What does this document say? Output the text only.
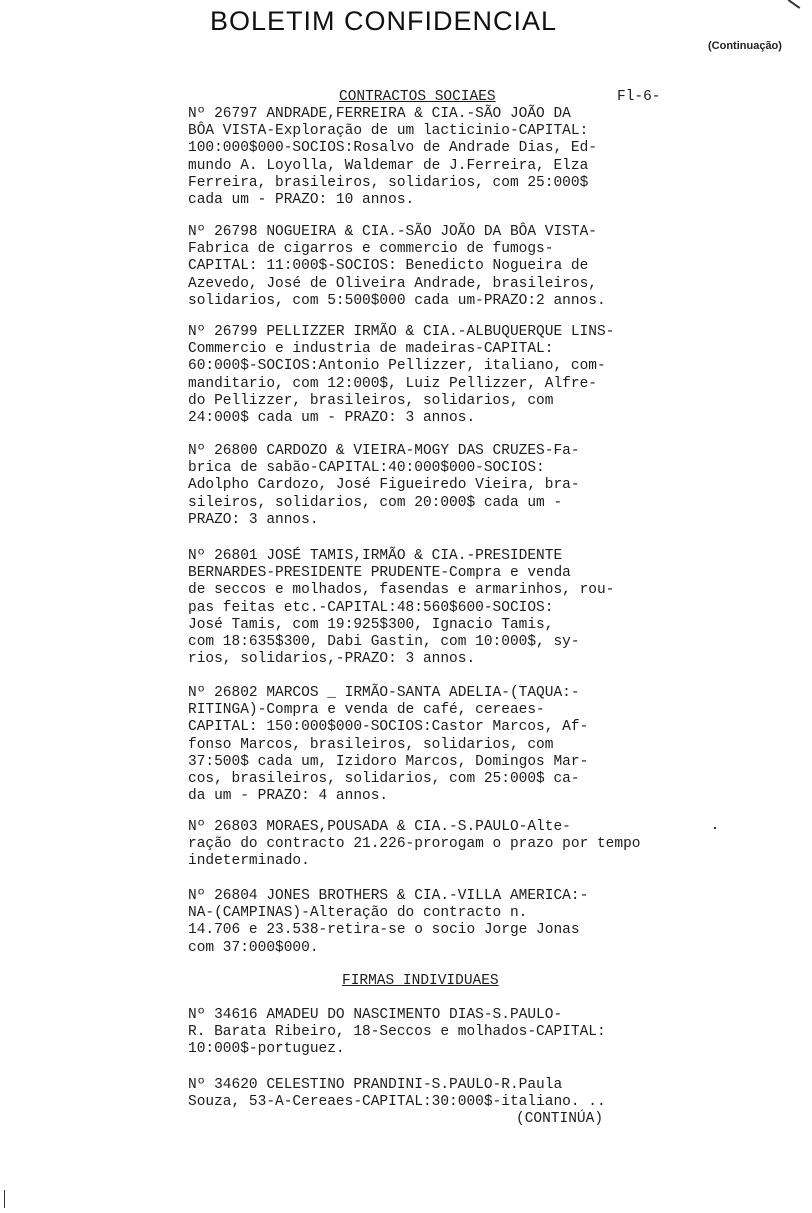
BOLETIM CONFIDENCIAL
(Continuação)
CONTRACTOS SOCIAES	Fl-6-
Nº 26797 ANDRADE,FERREIRA & CIA.-SÃO JOÃO DA
BÔA VISTA-Exploração de um lacticinio-CAPITAL:
100:000$000-SOCIOS:Rosalvo de Andrade Dias, Ed-
mundo A. Loyolla, Waldemar de J.Ferreira, Elza
Ferreira, brasileiros, solidarios, com 25:000$
cada um - PRAZO: 10 annos.
Nº 26798 NOGUEIRA & CIA.-SÃO JOÃO DA BÔA VISTA-
Fabrica de cigarros e commercio de fumogs-
CAPITAL: 11:000$-SOCIOS: Benedicto Nogueira de
Azevedo, José de Oliveira Andrade, brasileiros,
solidarios, com 5:500$000 cada um-PRAZO:2 annos.
Nº 26799 PELLIZZER IRMÃO & CIA.-ALBUQUERQUE LINS-
Commercio e industria de madeiras-CAPITAL:
60:000$-SOCIOS:Antonio Pellizzer, italiano, com-
manditario, com 12:000$, Luiz Pellizzer, Alfre-
do Pellizzer, brasileiros, solidarios, com
24:000$ cada um - PRAZO: 3 annos.
Nº 26800 CARDOZO & VIEIRA-MOGY DAS CRUZES-Fa-
brica de sabão-CAPITAL:40:000$000-SOCIOS:
Adolpho Cardozo, José Figueiredo Vieira, bra-
sileiros, solidarios, com 20:000$ cada um -
PRAZO: 3 annos.
Nº 26801 JOSÉ TAMIS,IRMÃO & CIA.-PRESIDENTE
BERNARDES-PRESIDENTE PRUDENTE-Compra e venda
de seccos e molhados, fasendas e armarinhos, rou-
pas feitas etc.-CAPITAL:48:560$600-SOCIOS:
José Tamis, com 19:925$300, Ignacio Tamis,
com 18:635$300, Dabi Gastin, com 10:000$, sy-
rios, solidarios,-PRAZO: 3 annos.
Nº 26802 MARCOS _ IRMÃO-SANTA ADELIA-(TAQUA:-
RITINGA)-Compra e venda de café, cereaes-
CAPITAL: 150:000$000-SOCIOS:Castor Marcos, Af-
fonso Marcos, brasileiros, solidarios, com
37:500$ cada um, Izidoro Marcos, Domingos Mar-
cos, brasileiros, solidarios, com 25:000$ ca-
da um - PRAZO: 4 annos.
Nº 26803 MORAES,POUSADA & CIA.-S.PAULO-Alte-
ração do contracto 21.226-prorogam o prazo por tempo
indeterminado.
Nº 26804 JONES BROTHERS & CIA.-VILLA AMERICA:-
NA-(CAMPINAS)-Alteração do contracto n.
14.706 e 23.538-retira-se o socio Jorge Jonas
com 37:000$000.
FIRMAS INDIVIDUAES
Nº 34616 AMADEU DO NASCIMENTO DIAS-S.PAULO-
R. Barata Ribeiro, 18-Seccos e molhados-CAPITAL:
10:000$-portuguez.
Nº 34620 CELESTINO PRANDINI-S.PAULO-R.Paula
Souza, 53-A-Cereaes-CAPITAL:30:000$-italiano. ..
(CONTINÚA)
